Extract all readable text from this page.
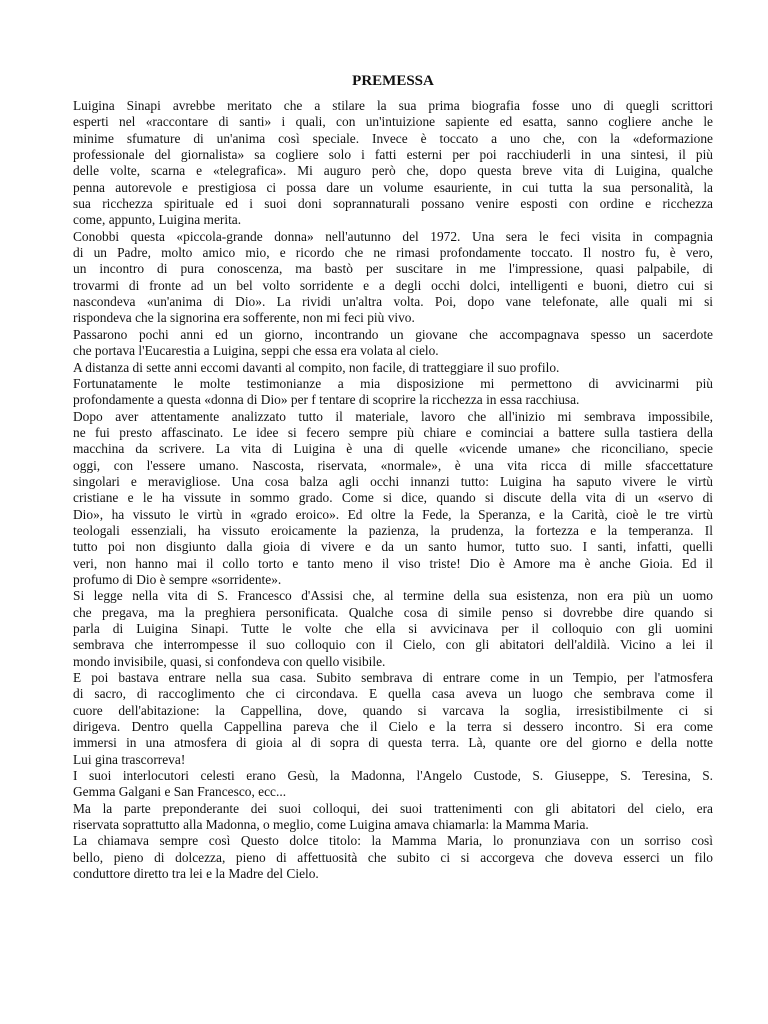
PREMESSA
Luigina Sinapi avrebbe meritato che a stilare la sua prima biografia fosse uno di quegli scrittori
esperti nel «raccontare di santi» i quali, con un'intuizione sapiente ed esatta, sanno cogliere anche le
minime sfumature di un'anima così speciale. Invece è toccato a uno che, con la «deformazione
professionale del giornalista» sa cogliere solo i fatti esterni per poi racchiuderli in una sintesi, il più
delle volte, scarna e «telegrafica». Mi auguro però che, dopo questa breve vita di Luigina, qualche
penna autorevole e prestigiosa ci possa dare un volume esauriente, in cui tutta la sua personalità, la
sua ricchezza spirituale ed i suoi doni soprannaturali possano venire esposti con ordine e ricchezza
come, appunto, Luigina merita.
Conobbi questa «piccola-grande donna» nell'autunno del 1972. Una sera le feci visita in compagnia
di un Padre, molto amico mio, e ricordo che ne rimasi profondamente toccato. Il nostro fu, è vero,
un incontro di pura conoscenza, ma bastò per suscitare in me l'impressione, quasi palpabile, di
trovarmi di fronte ad un bel volto sorridente e a degli occhi dolci, intelligenti e buoni, dietro cui si
nascondeva «un'anima di Dio». La rividi un'altra volta. Poi, dopo vane telefonate, alle quali mi si
rispondeva che la signorina era sofferente, non mi feci più vivo.
Passarono pochi anni ed un giorno, incontrando un giovane che accompagnava spesso un sacerdote
che portava l'Eucarestia a Luigina, seppi che essa era volata al cielo.
A distanza di sette anni eccomi davanti al compito, non facile, di tratteggiare il suo profilo.
Fortunatamente le molte testimonianze a mia disposizione mi permettono di avvicinarmi più
profondamente a questa «donna di Dio» per f tentare di scoprire la ricchezza in essa racchiusa.
Dopo aver attentamente analizzato tutto il materiale, lavoro che all'inizio mi sembrava impossibile,
ne fui presto affascinato. Le idee si fecero sempre più chiare e cominciai a battere sulla tastiera della
macchina da scrivere. La vita di Luigina è una di quelle «vicende umane» che riconciliano, specie
oggi, con l'essere umano. Nascosta, riservata, «normale», è una vita ricca di mille sfaccettature
singolari e meravigliose. Una cosa balza agli occhi innanzi tutto: Luigina ha saputo vivere le virtù
cristiane e le ha vissute in sommo grado. Come si dice, quando si discute della vita di un «servo di
Dio», ha vissuto le virtù in «grado eroico». Ed oltre la Fede, la Speranza, e la Carità, cioè le tre virtù
teologali essenziali, ha vissuto eroicamente la pazienza, la prudenza, la fortezza e la temperanza. Il
tutto poi non disgiunto dalla gioia di vivere e da un santo humor, tutto suo. I santi, infatti, quelli
veri, non hanno mai il collo torto e tanto meno il viso triste! Dio è Amore ma è anche Gioia. Ed il
profumo di Dio è sempre «sorridente».
Si legge nella vita di S. Francesco d'Assisi che, al termine della sua esistenza, non era più un uomo
che pregava, ma la preghiera personificata. Qualche cosa di simile penso si dovrebbe dire quando si
parla di Luigina Sinapi. Tutte le volte che ella si avvicinava per il colloquio con gli uomini
sembrava che interrompesse il suo colloquio con il Cielo, con gli abitatori dell'aldilà. Vicino a lei il
mondo invisibile, quasi, si confondeva con quello visibile.
E poi bastava entrare nella sua casa. Subito sembrava di entrare come in un Tempio, per l'atmosfera
di sacro, di raccoglimento che ci circondava. E quella casa aveva un luogo che sembrava come il
cuore dell'abitazione: la Cappellina, dove, quando si varcava la soglia, irresistibilmente ci si
dirigeva. Dentro quella Cappellina pareva che il Cielo e la terra si dessero incontro. Si era come
immersi in una atmosfera di gioia al di sopra di questa terra. Là, quante ore del giorno e della notte
Lui gina trascorreva!
I suoi interlocutori celesti erano Gesù, la Madonna, l'Angelo Custode, S. Giuseppe, S. Teresina, S.
Gemma Galgani e San Francesco, ecc...
Ma la parte preponderante dei suoi colloqui, dei suoi trattenimenti con gli abitatori del cielo, era
riservata soprattutto alla Madonna, o meglio, come Luigina amava chiamarla: la Mamma Maria.
La chiamava sempre così Questo dolce titolo: la Mamma Maria, lo pronunziava con un sorriso così
bello, pieno di dolcezza, pieno di affettuosità che subito ci si accorgeva che doveva esserci un filo
conduttore diretto tra lei e la Madre del Cielo.
